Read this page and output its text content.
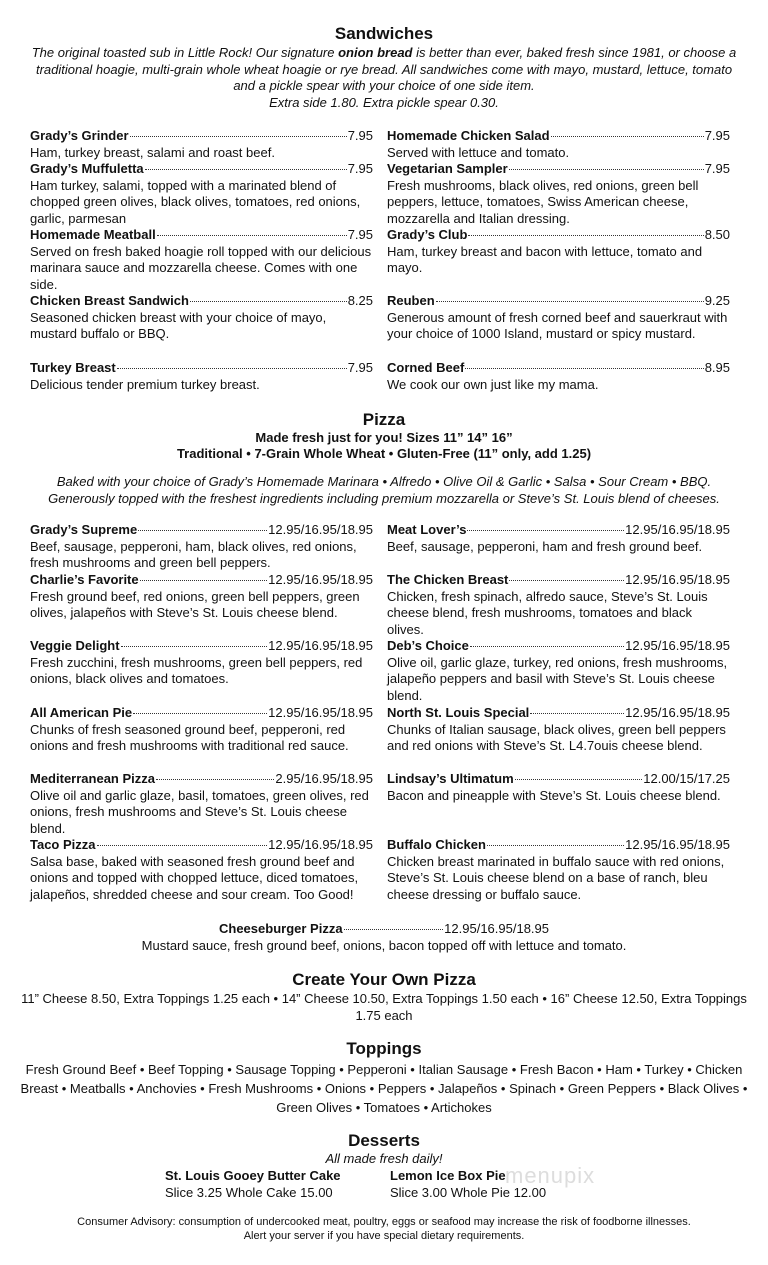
Sandwiches
The original toasted sub in Little Rock! Our signature onion bread is better than ever, baked fresh since 1981, or choose a traditional hoagie, multi-grain whole wheat hoagie or rye bread. All sandwiches come with mayo, mustard, lettuce, tomato and a pickle spear with your choice of one side item.
Extra side 1.80. Extra pickle spear 0.30.
Grady’s Grinder	7.95
Ham, turkey breast, salami and roast beef.
Homemade Chicken Salad	7.95
Served with lettuce and tomato.
Grady’s Muffuletta	7.95
Ham turkey, salami, topped with a marinated blend of chopped green olives, black olives, tomatoes, red onions, garlic, parmesan
Vegetarian Sampler	7.95
Fresh mushrooms, black olives, red onions, green bell peppers, lettuce, tomatoes, Swiss American cheese, mozzarella and Italian dressing.
Homemade Meatball	7.95
Served on fresh baked hoagie roll topped with our delicious marinara sauce and mozzarella cheese. Comes with one side.
Grady’s Club	8.50
Ham, turkey breast and bacon with lettuce, tomato and mayo.
Chicken Breast Sandwich	8.25
Seasoned chicken breast with your choice of mayo, mustard buffalo or BBQ.
Reuben	9.25
Generous amount of fresh corned beef and sauerkraut with your choice of 1000 Island, mustard or spicy mustard.
Turkey Breast	7.95
Delicious tender premium turkey breast.
Corned Beef	8.95
We cook our own just like my mama.
Pizza
Made fresh just for you! Sizes 11” 14” 16”
Traditional • 7-Grain Whole Wheat • Gluten-Free (11” only, add 1.25)
Baked with your choice of Grady’s Homemade Marinara • Alfredo • Olive Oil & Garlic • Salsa • Sour Cream • BBQ. Generously topped with the freshest ingredients including premium mozzarella or Steve’s St. Louis blend of cheeses.
Grady’s Supreme	12.95/16.95/18.95
Beef, sausage, pepperoni, ham, black olives, red onions, fresh mushrooms and green bell peppers.
Meat Lover’s	12.95/16.95/18.95
Beef, sausage, pepperoni, ham and fresh ground beef.
Charlie’s Favorite	12.95/16.95/18.95
Fresh ground beef, red onions, green bell peppers, green olives, jalapeños with Steve’s St. Louis cheese blend.
The Chicken Breast	12.95/16.95/18.95
Chicken, fresh spinach, alfredo sauce, Steve’s St. Louis cheese blend, fresh mushrooms, tomatoes and black olives.
Veggie Delight	12.95/16.95/18.95
Fresh zucchini, fresh mushrooms, green bell peppers, red onions, black olives and tomatoes.
Deb’s Choice	12.95/16.95/18.95
Olive oil, garlic glaze, turkey, red onions, fresh mushrooms, jalapeño peppers and basil with Steve’s St. Louis cheese blend.
All American Pie	12.95/16.95/18.95
Chunks of fresh seasoned ground beef, pepperoni, red onions and fresh mushrooms with traditional red sauce.
North St. Louis Special	12.95/16.95/18.95
Chunks of Italian sausage, black olives, green bell peppers and red onions with Steve’s St. L4.7ouis cheese blend.
Mediterranean Pizza	2.95/16.95/18.95
Olive oil and garlic glaze, basil, tomatoes, green olives, red onions, fresh mushrooms and Steve’s St. Louis cheese blend.
Lindsay’s Ultimatum	12.00/15/17.25
Bacon and pineapple with Steve’s St. Louis cheese blend.
Taco Pizza	12.95/16.95/18.95
Salsa base, baked with seasoned fresh ground beef and onions and topped with chopped lettuce, diced tomatoes, jalapeños, shredded cheese and sour cream. Too Good!
Buffalo Chicken	12.95/16.95/18.95
Chicken breast marinated in buffalo sauce with red onions, Steve’s St. Louis cheese blend on a base of ranch, bleu cheese dressing or buffalo sauce.
Cheeseburger Pizza	12.95/16.95/18.95
Mustard sauce, fresh ground beef, onions, bacon topped off with lettuce and tomato.
Create Your Own Pizza
11” Cheese 8.50, Extra Toppings 1.25 each • 14” Cheese 10.50, Extra Toppings 1.50 each • 16” Cheese 12.50, Extra Toppings 1.75 each
Toppings
Fresh Ground Beef • Beef Topping • Sausage Topping • Pepperoni • Italian Sausage • Fresh Bacon • Ham • Turkey • Chicken Breast • Meatballs • Anchovies • Fresh Mushrooms • Onions • Peppers • Jalapeños • Spinach • Green Peppers • Black Olives • Green Olives • Tomatoes • Artichokes
Desserts
All made fresh daily!
St. Louis Gooey Butter Cake
Slice 3.25 Whole Cake 15.00
Lemon Ice Box Pie
Slice 3.00 Whole Pie 12.00
menupix
Consumer Advisory: consumption of undercooked meat, poultry, eggs or seafood may increase the risk of foodborne illnesses.
Alert your server if you have special dietary requirements.
